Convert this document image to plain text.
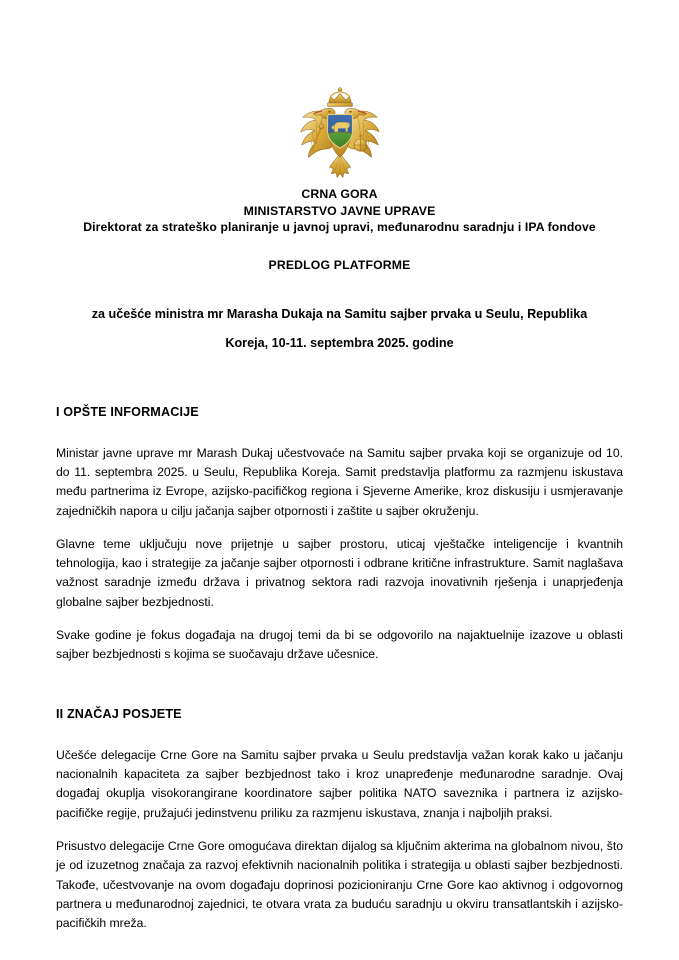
CRNA GORA
MINISTARSTVO JAVNE UPRAVE
Direktorat za strateško planiranje u javnoj upravi, međunarodnu saradnju i IPA fondove
PREDLOG PLATFORME
za učešće ministra mr Marasha Dukaja na Samitu sajber prvaka u Seulu, Republika
Koreja, 10-11. septembra 2025. godine
I OPŠTE INFORMACIJE

Ministar javne uprave mr Marash Dukaj učestvovaće na Samitu sajber prvaka koji se organizuje od 10. do 11. septembra 2025. u Seulu, Republika Koreja. Samit predstavlja platformu za razmjenu iskustava među partnerima iz Evrope, azijsko-pacifičkog regiona i Sjeverne Amerike, kroz diskusiju i usmjeravanje zajedničkih napora u cilju jačanja sajber otpornosti i zaštite u sajber okruženju.

Glavne teme uključuju nove prijetnje u sajber prostoru, uticaj vještačke inteligencije i kvantnih tehnologija, kao i strategije za jačanje sajber otpornosti i odbrane kritične infrastrukture. Samit naglašava važnost saradnje između država i privatnog sektora radi razvoja inovativnih rješenja i unaprjeđenja globalne sajber bezbjednosti.

Svake godine je fokus događaja na drugoj temi da bi se odgovorilo na najaktuelnije izazove u oblasti sajber bezbjednosti s kojima se suočavaju države učesnice.

II ZNAČAJ POSJETE

Učešće delegacije Crne Gore na Samitu sajber prvaka u Seulu predstavlja važan korak kako u jačanju nacionalnih kapaciteta za sajber bezbjednost tako i kroz unapređenje međunarodne saradnje. Ovaj događaj okuplja visokorangirane koordinatore sajber politika NATO saveznika i partnera iz azijsko-pacifičke regije, pružajući jedinstvenu priliku za razmjenu iskustava, znanja i najboljih praksi.

Prisustvo delegacije Crne Gore omogućava direktan dijalog sa ključnim akterima na globalnom nivou, što je od izuzetnog značaja za razvoj efektivnih nacionalnih politika i strategija u oblasti sajber bezbjednosti. Takođe, učestvovanje na ovom događaju doprinosi pozicioniranju Crne Gore kao aktivnog i odgovornog partnera u međunarodnoj zajednici, te otvara vrata za buduću saradnju u okviru transatlantskih i azijsko-pacifičkih mreža.
